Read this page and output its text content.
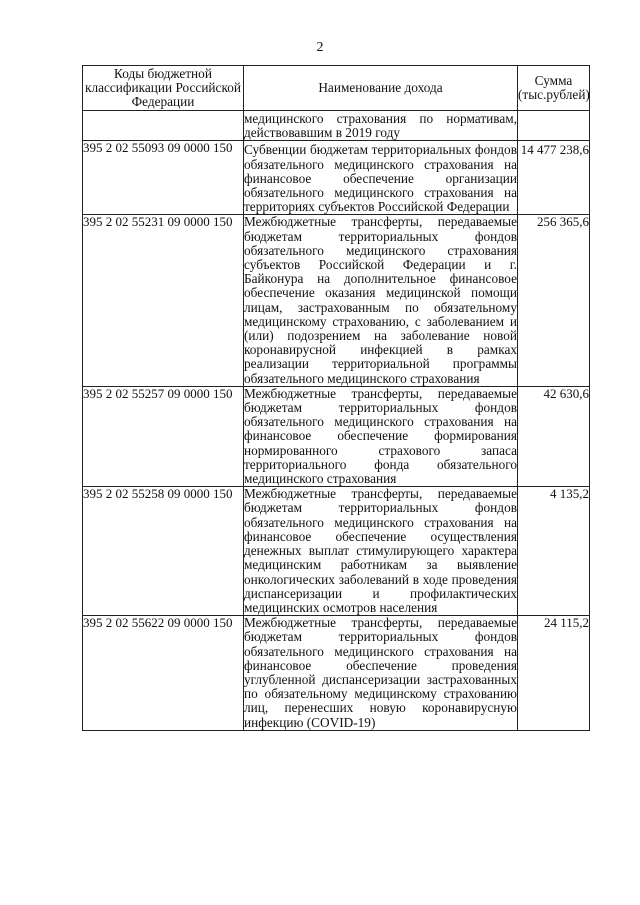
2
Коды бюджетной классификации Российской Федерации	Наименование дохода	Сумма (тыс.рублей)
	медицинского страхования по нормативам, действовавшим в 2019 году	
395 2 02 55093 09 0000 150	Субвенции бюджетам территориальных фондов обязательного медицинского страхования на финансовое обеспечение организации обязательного медицинского страхования на территориях субъектов Российской Федерации	14 477 238,6
395 2 02 55231 09 0000 150	Межбюджетные трансферты, передаваемые бюджетам территориальных фондов обязательного медицинского страхования субъектов Российской Федерации и г. Байконура на дополнительное финансовое обеспечение оказания медицинской помощи лицам, застрахованным по обязательному медицинскому страхованию, с заболеванием и (или) подозрением на заболевание новой коронавирусной инфекцией в рамках реализации территориальной программы обязательного медицинского страхования	256 365,6
395 2 02 55257 09 0000 150	Межбюджетные трансферты, передаваемые бюджетам территориальных фондов обязательного медицинского страхования на финансовое обеспечение формирования нормированного страхового запаса территориального фонда обязательного медицинского страхования	42 630,6
395 2 02 55258 09 0000 150	Межбюджетные трансферты, передаваемые бюджетам территориальных фондов обязательного медицинского страхования на финансовое обеспечение осуществления денежных выплат стимулирующего характера медицинским работникам за выявление онкологических заболеваний в ходе проведения диспансеризации и профилактических медицинских осмотров населения	4 135,2
395 2 02 55622 09 0000 150	Межбюджетные трансферты, передаваемые бюджетам территориальных фондов обязательного медицинского страхования на финансовое обеспечение проведения углубленной диспансеризации застрахованных по обязательному медицинскому страхованию лиц, перенесших новую коронавирусную инфекцию (COVID-19)	24 115,2
